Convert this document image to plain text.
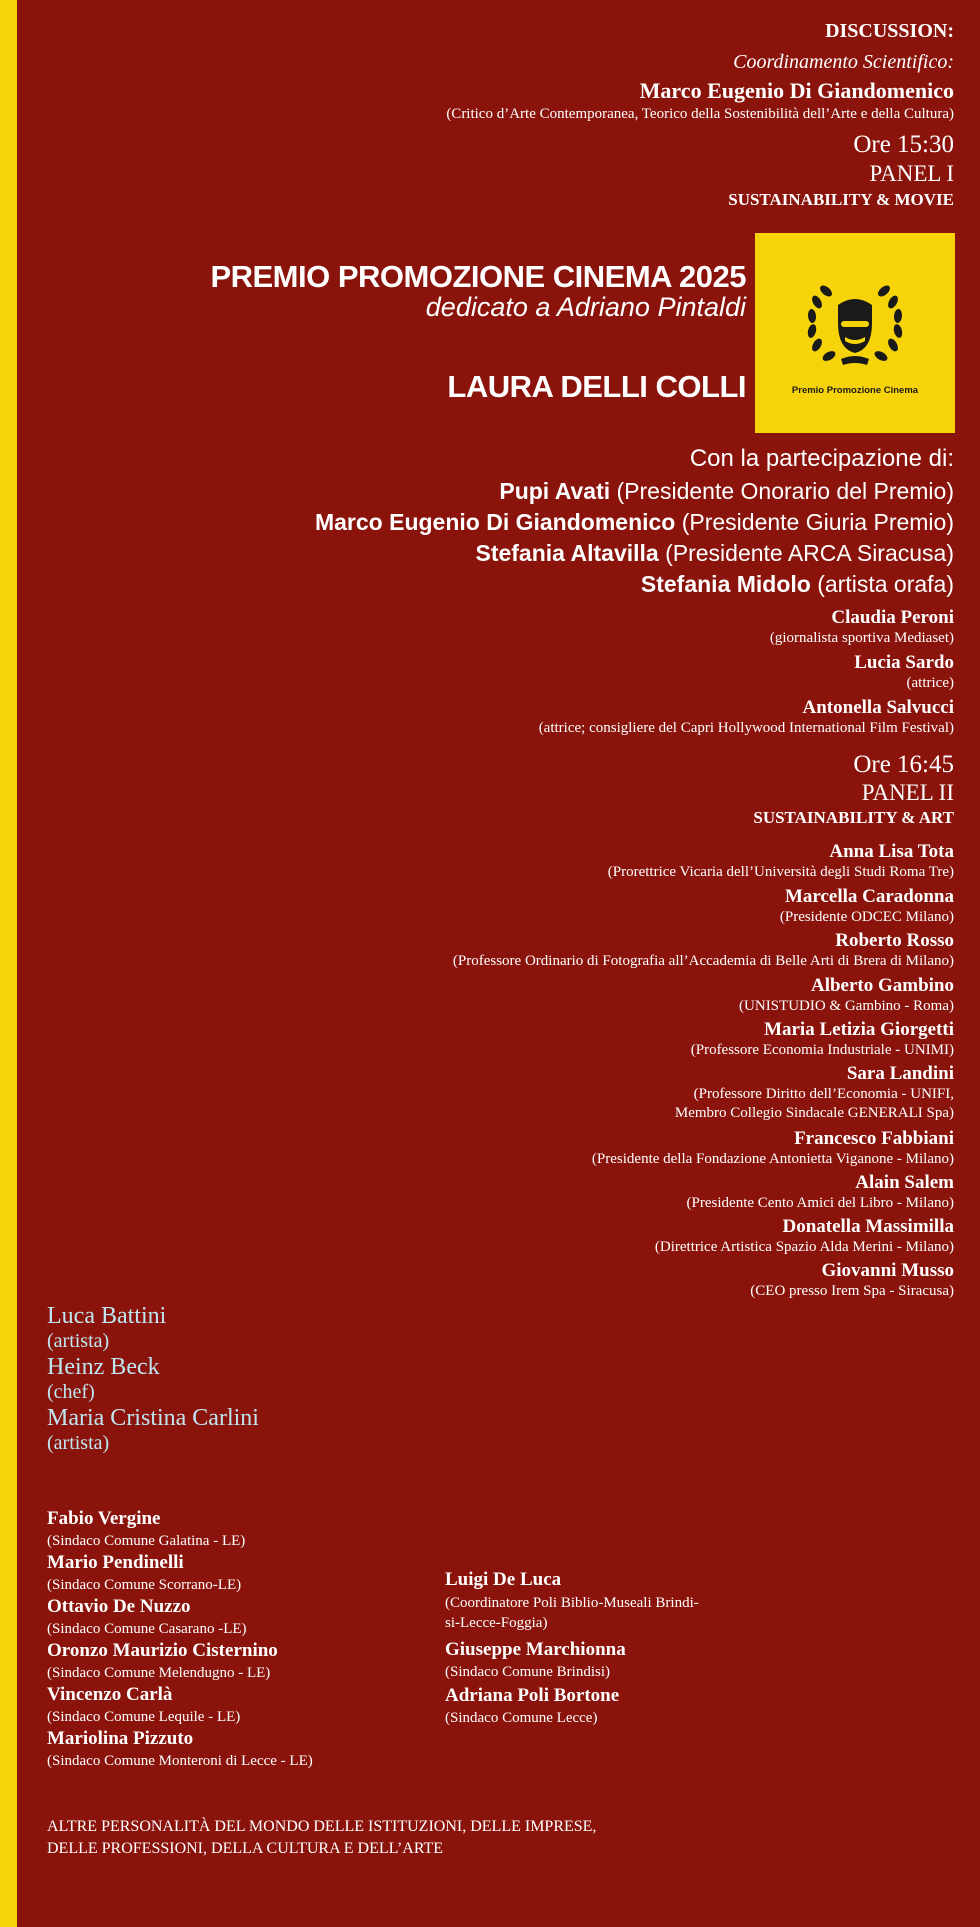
DISCUSSION:
Coordinamento Scientifico:
Marco Eugenio Di Giandomenico
(Critico d’Arte Contemporanea, Teorico della Sostenibilità dell’Arte e della Cultura)
Ore 15:30
PANEL I
SUSTAINABILITY & MOVIE
PREMIO PROMOZIONE CINEMA 2025
dedicato a Adriano Pintaldi
LAURA DELLI COLLI	Premio Promozione Cinema
Con la partecipazione di:
Pupi Avati (Presidente Onorario del Premio)
Marco Eugenio Di Giandomenico (Presidente Giuria Premio)
Stefania Altavilla (Presidente ARCA Siracusa)
Stefania Midolo (artista orafa)
Claudia Peroni
(giornalista sportiva Mediaset)
Lucia Sardo
(attrice)
Antonella Salvucci
(attrice; consigliere del Capri Hollywood International Film Festival)
Ore 16:45
PANEL II
SUSTAINABILITY & ART
Anna Lisa Tota
(Prorettrice Vicaria dell’Università degli Studi Roma Tre)
Marcella Caradonna
(Presidente ODCEC Milano)
Roberto Rosso
(Professore Ordinario di Fotografia all’Accademia di Belle Arti di Brera di Milano)
Alberto Gambino
(UNISTUDIO & Gambino - Roma)
Maria Letizia Giorgetti
(Professore Economia Industriale - UNIMI)
Sara Landini
(Professore Diritto dell’Economia - UNIFI,
Membro Collegio Sindacale GENERALI Spa)
Francesco Fabbiani
(Presidente della Fondazione Antonietta Viganone - Milano)
Alain Salem
(Presidente Cento Amici del Libro - Milano)
Donatella Massimilla
(Direttrice Artistica Spazio Alda Merini - Milano)
Giovanni Musso
(CEO presso Irem Spa - Siracusa)
Luca Battini
(artista)
Heinz Beck
(chef)
Maria Cristina Carlini
(artista)
Fabio Vergine
(Sindaco Comune Galatina - LE)
Mario Pendinelli
(Sindaco Comune Scorrano-LE)
Ottavio De Nuzzo
(Sindaco Comune Casarano -LE)
Oronzo Maurizio Cisternino
(Sindaco Comune Melendugno - LE)
Vincenzo Carlà
(Sindaco Comune Lequile - LE)
Mariolina Pizzuto
(Sindaco Comune Monteroni di Lecce - LE)
Luigi De Luca
(Coordinatore Poli Biblio-Museali Brindi-
si-Lecce-Foggia)
Giuseppe Marchionna
(Sindaco Comune Brindisi)
Adriana Poli Bortone
(Sindaco Comune Lecce)
ALTRE PERSONALITÀ DEL MONDO DELLE ISTITUZIONI, DELLE IMPRESE,
DELLE PROFESSIONI, DELLA CULTURA E DELL’ARTE
